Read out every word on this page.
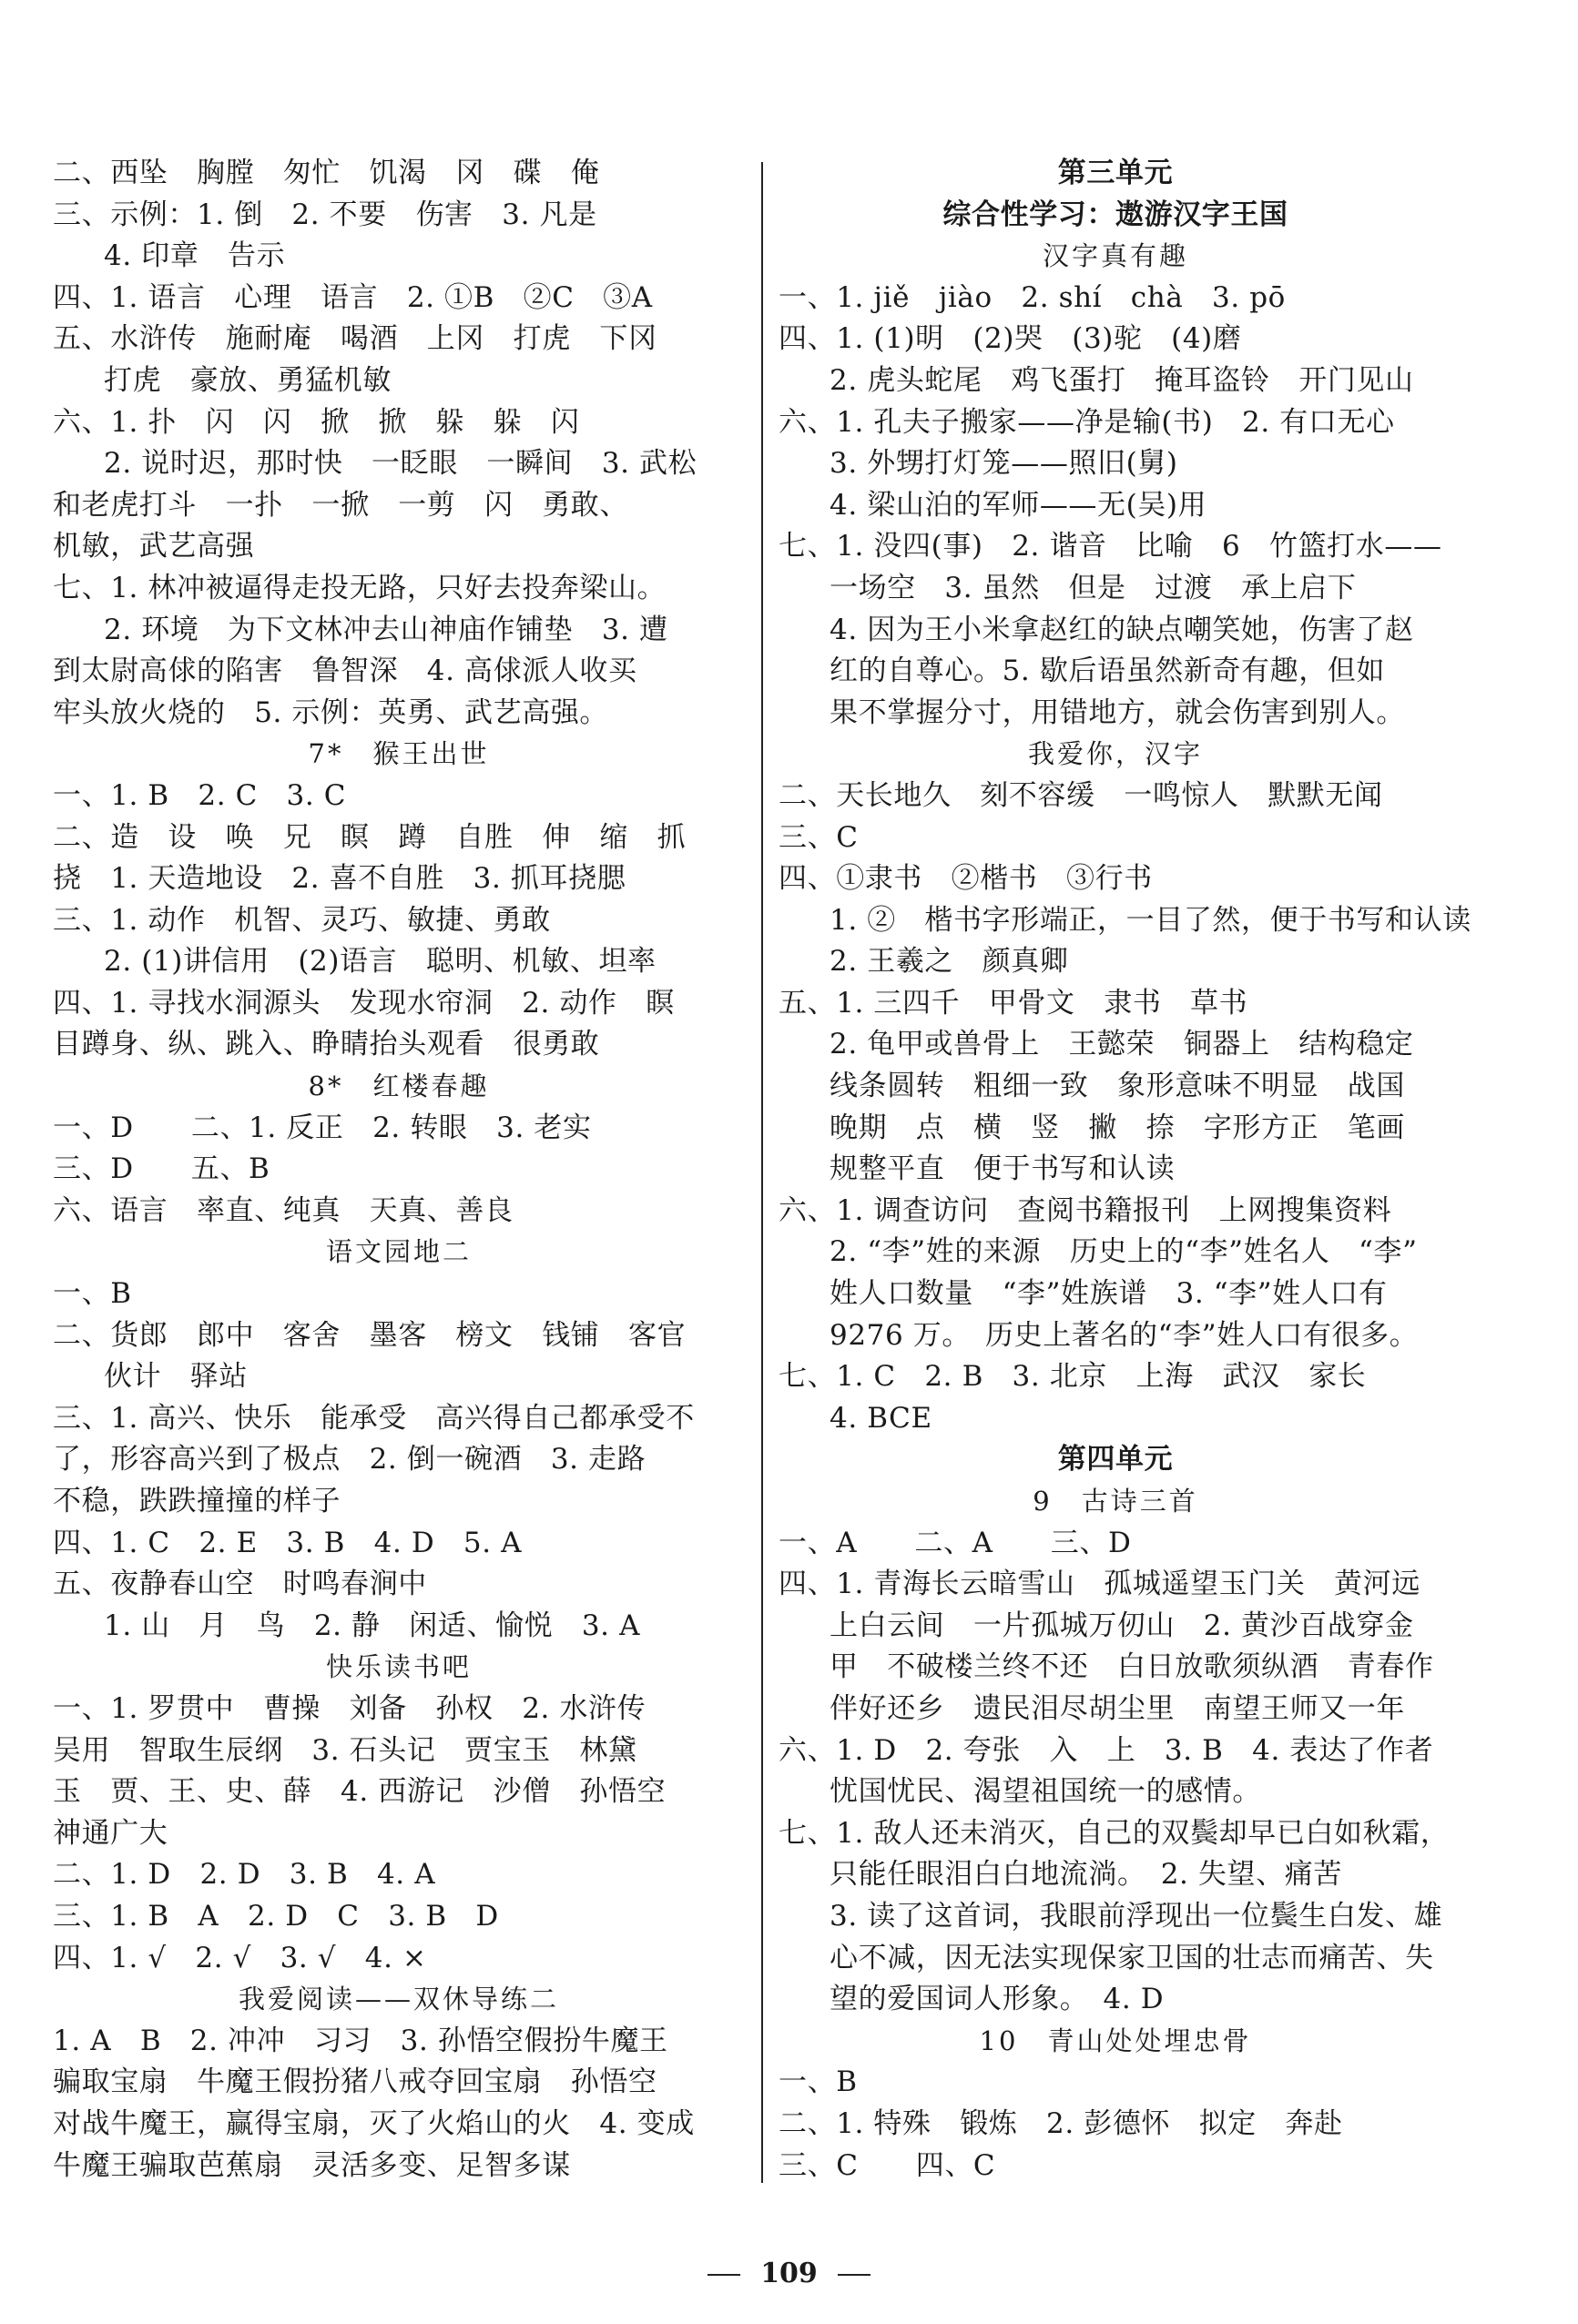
二、西坠　胸膛　匆忙　饥渴　冈　碟　俺
三、示例：1. 倒　2. 不要　伤害　3. 凡是
4. 印章　告示
四、1. 语言　心理　语言　2. ①B　②C　③A
五、水浒传　施耐庵　喝酒　上冈　打虎　下冈
打虎　豪放、勇猛机敏
六、1. 扑　闪　闪　掀　掀　躲　躲　闪
2. 说时迟，那时快　一眨眼　一瞬间　3. 武松
和老虎打斗　一扑　一掀　一剪　闪　勇敢、
机敏，武艺高强
七、1. 林冲被逼得走投无路，只好去投奔梁山。
2. 环境　为下文林冲去山神庙作铺垫　3. 遭
到太尉高俅的陷害　鲁智深　4. 高俅派人收买
牢头放火烧的　5. 示例：英勇、武艺高强。
7*　猴王出世
一、1. B　2. C　3. C
二、造　设　唤　兄　瞑　蹲　自胜　伸　缩　抓
挠　1. 天造地设　2. 喜不自胜　3. 抓耳挠腮
三、1. 动作　机智、灵巧、敏捷、勇敢
2. (1)讲信用　(2)语言　聪明、机敏、坦率
四、1. 寻找水洞源头　发现水帘洞　2. 动作　瞑
目蹲身、纵、跳入、睁睛抬头观看　很勇敢
8*　红楼春趣
一、D　　二、1. 反正　2. 转眼　3. 老实
三、D　　五、B
六、语言　率直、纯真　天真、善良
语文园地二
一、B
二、货郎　郎中　客舍　墨客　榜文　钱铺　客官
伙计　驿站
三、1. 高兴、快乐　能承受　高兴得自己都承受不
了，形容高兴到了极点　2. 倒一碗酒　3. 走路
不稳，跌跌撞撞的样子
四、1. C　2. E　3. B　4. D　5. A
五、夜静春山空　时鸣春涧中
1. 山　月　鸟　2. 静　闲适、愉悦　3. A
快乐读书吧
一、1. 罗贯中　曹操　刘备　孙权　2. 水浒传
吴用　智取生辰纲　3. 石头记　贾宝玉　林黛
玉　贾、王、史、薛　4. 西游记　沙僧　孙悟空
神通广大
二、1. D　2. D　3. B　4. A
三、1. B　A　2. D　C　3. B　D
四、1. √　2. √　3. √　4. ×
我爱阅读——双休导练二
1. A　B　2. 冲冲　习习　3. 孙悟空假扮牛魔王
骗取宝扇　牛魔王假扮猪八戒夺回宝扇　孙悟空
对战牛魔王，赢得宝扇，灭了火焰山的火　4. 变成
牛魔王骗取芭蕉扇　灵活多变、足智多谋
第三单元
综合性学习：遨游汉字王国
汉字真有趣
一、1. jiě　jiào　2. shí　chà　3. pō
四、1. (1)明　(2)哭　(3)驼　(4)磨
2. 虎头蛇尾　鸡飞蛋打　掩耳盗铃　开门见山
六、1. 孔夫子搬家——净是输(书)　2. 有口无心
3. 外甥打灯笼——照旧(舅)
4. 梁山泊的军师——无(吴)用
七、1. 没四(事)　2. 谐音　比喻　6　竹篮打水——
一场空　3. 虽然　但是　过渡　承上启下
4. 因为王小米拿赵红的缺点嘲笑她，伤害了赵
红的自尊心。5. 歇后语虽然新奇有趣，但如
果不掌握分寸，用错地方，就会伤害到别人。
我爱你，汉字
二、天长地久　刻不容缓　一鸣惊人　默默无闻
三、C
四、①隶书　②楷书　③行书
1. ②　楷书字形端正，一目了然，便于书写和认读
2. 王羲之　颜真卿
五、1. 三四千　甲骨文　隶书　草书
2. 龟甲或兽骨上　王懿荣　铜器上　结构稳定
线条圆转　粗细一致　象形意味不明显　战国
晚期　点　横　竖　撇　捺　字形方正　笔画
规整平直　便于书写和认读
六、1. 调查访问　查阅书籍报刊　上网搜集资料
2. “李”姓的来源　历史上的“李”姓名人　“李”
姓人口数量　“李”姓族谱　3. “李”姓人口有
9276 万。　历史上著名的“李”姓人口有很多。
七、1. C　2. B　3. 北京　上海　武汉　家长
4. BCE
第四单元
9　古诗三首
一、A　　二、A　　三、D
四、1. 青海长云暗雪山　孤城遥望玉门关　黄河远
上白云间　一片孤城万仞山　2. 黄沙百战穿金
甲　不破楼兰终不还　白日放歌须纵酒　青春作
伴好还乡　遗民泪尽胡尘里　南望王师又一年
六、1. D　2. 夸张　入　上　3. B　4. 表达了作者
忧国忧民、渴望祖国统一的感情。
七、1. 敌人还未消灭，自己的双鬓却早已白如秋霜，
只能任眼泪白白地流淌。　2. 失望、痛苦
3. 读了这首词，我眼前浮现出一位鬓生白发、雄
心不减，因无法实现保家卫国的壮志而痛苦、失
望的爱国词人形象。　4. D
10　青山处处埋忠骨
一、B
二、1. 特殊　锻炼　2. 彭德怀　拟定　奔赴
三、C　　四、C
109
